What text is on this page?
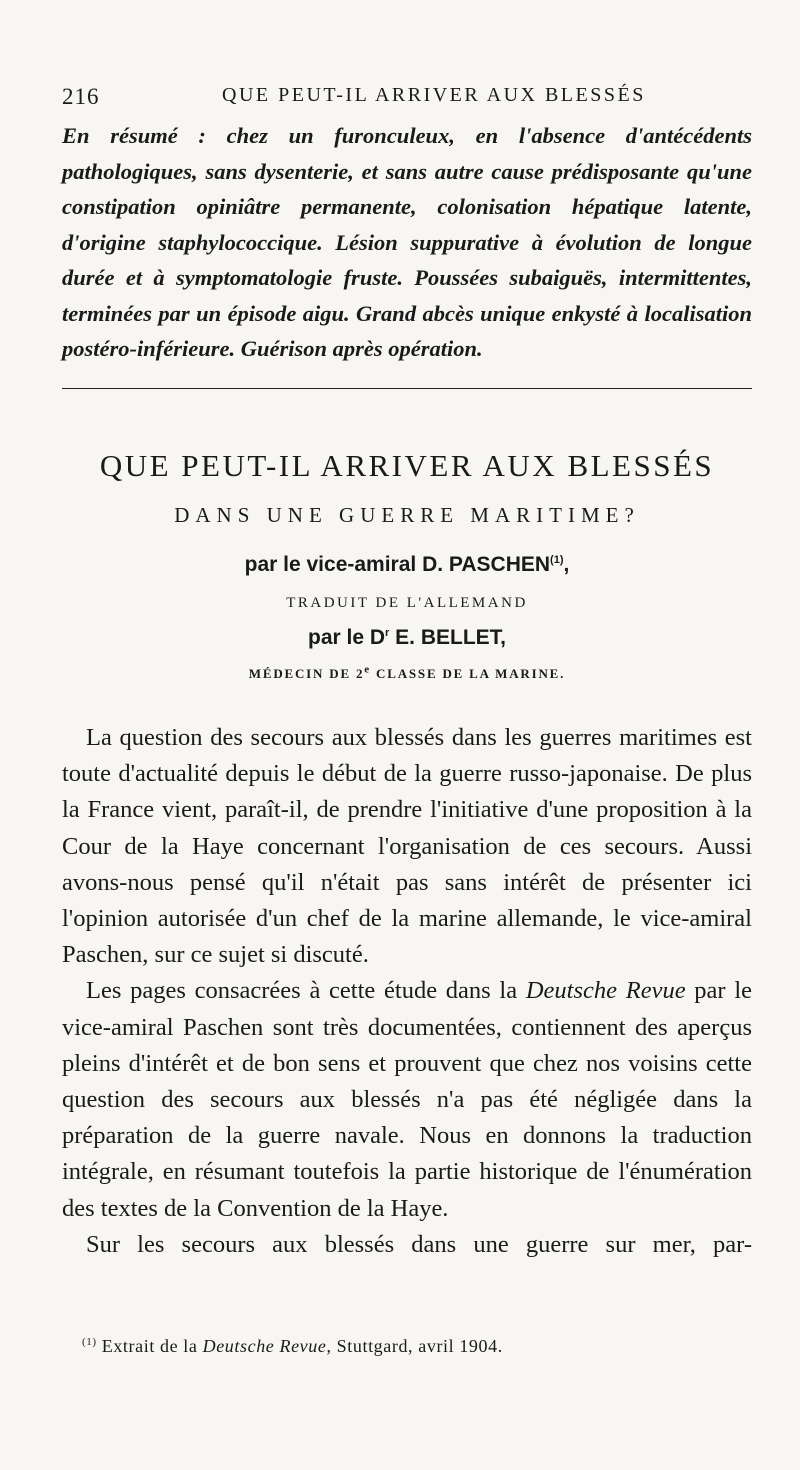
216	QUE PEUT-IL ARRIVER AUX BLESSÉS

En résumé : chez un furonculeux, en l'absence d'antécédents pathologiques, sans dysenterie, et sans autre cause prédisposante qu'une constipation opiniâtre permanente, colonisation hépatique latente, d'origine staphylococcique. Lésion suppurative à évolution de longue durée et à symptomatologie fruste. Poussées subaiguës, intermittentes, terminées par un épisode aigu. Grand abcès unique enkysté à localisation postéro-inférieure. Guérison après opération.

QUE PEUT-IL ARRIVER AUX BLESSÉS
DANS UNE GUERRE MARITIME?
par le vice-amiral D. PASCHEN$^{(1)}$,
TRADUIT DE L'ALLEMAND
par le $D^r$ E. BELLET,
MÉDECIN DE 2e CLASSE DE LA MARINE.

La question des secours aux blessés dans les guerres maritimes est toute d'actualité depuis le début de la guerre russo-japonaise. De plus la France vient, paraît-il, de prendre l'initiative d'une proposition à la Cour de la Haye concernant l'organisation de ces secours. Aussi avons-nous pensé qu'il n'était pas sans intérêt de présenter ici l'opinion autorisée d'un chef de la marine allemande, le vice-amiral Paschen, sur ce sujet si discuté.

Les pages consacrées à cette étude dans la Deutsche Revue par le vice-amiral Paschen sont très documentées, contiennent des aperçus pleins d'intérêt et de bon sens et prouvent que chez nos voisins cette question des secours aux blessés n'a pas été négligée dans la préparation de la guerre navale. Nous en donnons la traduction intégrale, en résumant toutefois la partie historique de l'énumération des textes de la Convention de la Haye.

Sur les secours aux blessés dans une guerre sur mer, par-

$^{(1)}$ Extrait de la Deutsche Revue, Stuttgard, avril 1904.
